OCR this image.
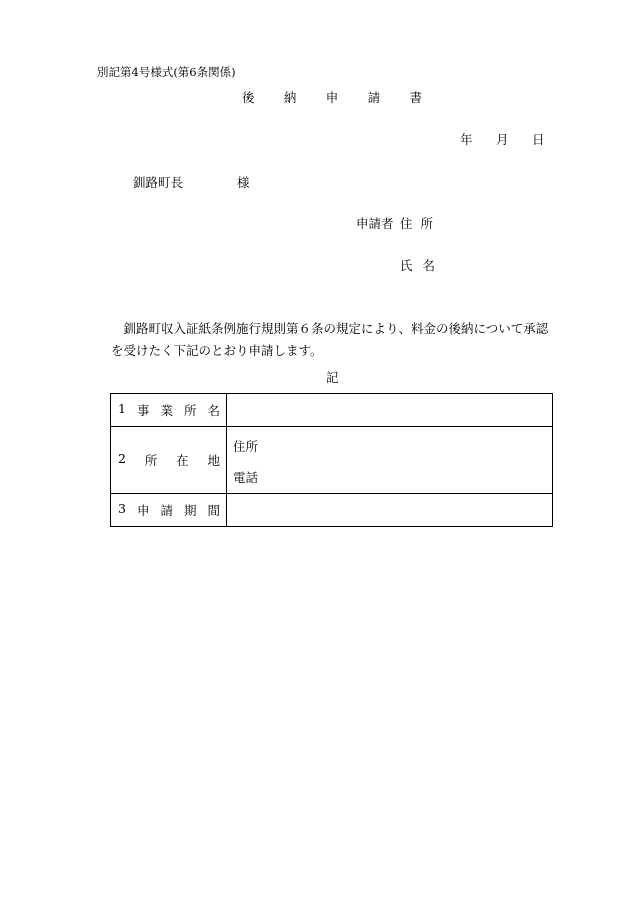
別記第4号様式(第6条関係)
後 納 申 請 書
年	月	日
釧路町長	様
申請者 住所
氏名
釧路町収入証紙条例施行規則第６条の規定により、料金の後納について承認を受けたく下記のとおり申請します。
記
1 事 業 所 名	

2 所 在 地	住所
電話

3 申 請 期 間	
